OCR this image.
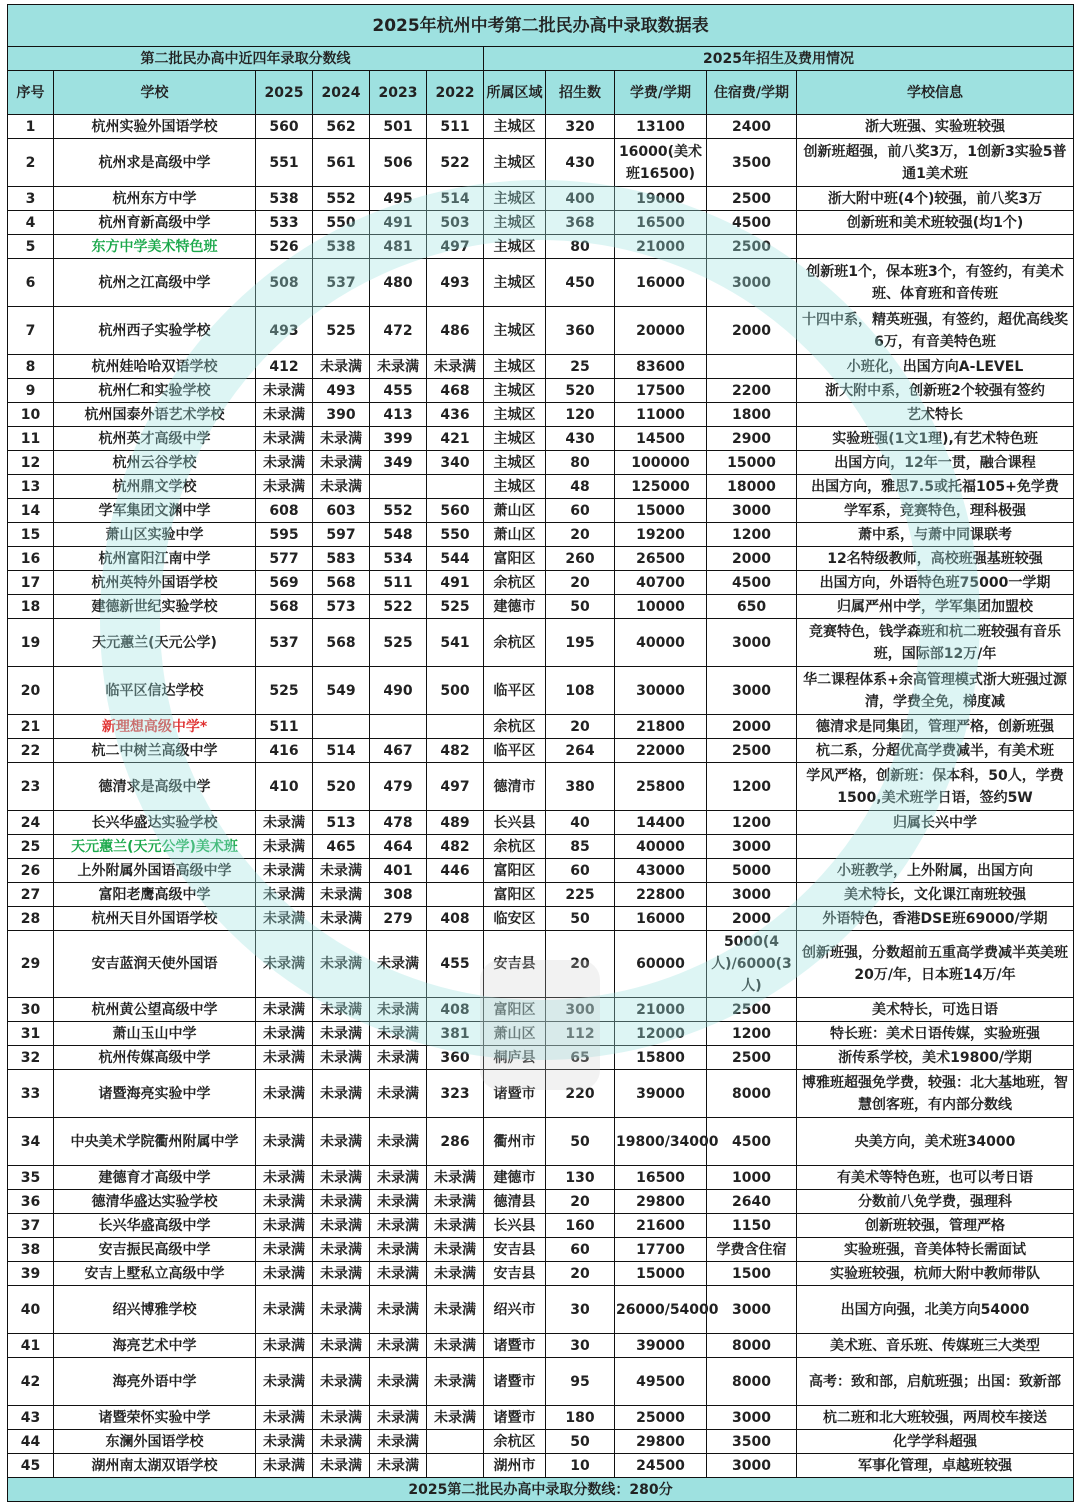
2025年杭州中考第二批民办高中录取数据表										
第二批民办高中近四年录取分数线						2025年招生及费用情况				
序号	学校	2025	2024	2023	2022	所属区域	招生数	学费/学期	住宿费/学期	学校信息
1	杭州实验外国语学校	560	562	501	511	主城区	320	13100	2400	浙大班强、实验班较强
2	杭州求是高级中学	551	561	506	522	主城区	430	16000(美术班16500)	3500	创新班超强，前八奖3万，1创新3实验5普通1美术班
3	杭州东方中学	538	552	495	514	主城区	400	19000	2500	浙大附中班(4个)较强，前八奖3万
4	杭州育新高级中学	533	550	491	503	主城区	368	16500	4500	创新班和美术班较强(均1个)
5	东方中学美术特色班	526	538	481	497	主城区	80	21000	2500	
6	杭州之江高级中学	508	537	480	493	主城区	450	16000	3000	创新班1个，保本班3个，有签约，有美术班、体育班和音传班
7	杭州西子实验学校	493	525	472	486	主城区	360	20000	2000	十四中系，精英班强，有签约，超优高线奖6万，有音美特色班
8	杭州娃哈哈双语学校	412	未录满	未录满	未录满	主城区	25	83600		小班化，出国方向A-LEVEL
9	杭州仁和实验学校	未录满	493	455	468	主城区	520	17500	2200	浙大附中系，创新班2个较强有签约
10	杭州国泰外语艺术学校	未录满	390	413	436	主城区	120	11000	1800	艺术特长
11	杭州英才高级中学	未录满	未录满	399	421	主城区	430	14500	2900	实验班强(1文1理),有艺术特色班
12	杭州云谷学校	未录满	未录满	349	340	主城区	80	100000	15000	出国方向，12年一贯，融合课程
13	杭州鼎文学校	未录满	未录满			主城区	48	125000	18000	出国方向，雅思7.5或托福105+免学费
14	学军集团文渊中学	608	603	552	560	萧山区	60	15000	3000	学军系，竞赛特色，理科极强
15	萧山区实验中学	595	597	548	550	萧山区	20	19200	1200	萧中系，与萧中同课联考
16	杭州富阳江南中学	577	583	534	544	富阳区	260	26500	2000	12名特级教师，高校班强基班较强
17	杭州英特外国语学校	569	568	511	491	余杭区	20	40700	4500	出国方向，外语特色班75000一学期
18	建德新世纪实验学校	568	573	522	525	建德市	50	10000	650	归属严州中学，学军集团加盟校
19	天元蕙兰(天元公学)	537	568	525	541	余杭区	195	40000	3000	竞赛特色，钱学森班和杭二班较强有音乐班，国际部12万/年
20	临平区信达学校	525	549	490	500	临平区	108	30000	3000	华二课程体系+余高管理模式浙大班强过源清，学费全免，梯度减
21	新理想高级中学*	511				余杭区	20	21800	2000	德清求是同集团，管理严格，创新班强
22	杭二中树兰高级中学	416	514	467	482	临平区	264	22000	2500	杭二系，分超优高学费减半，有美术班
23	德清求是高级中学	410	520	479	497	德清市	380	25800	1200	学风严格，创新班：保本科，50人，学费1500,美术班学日语，签约5W
24	长兴华盛达实验学校	未录满	513	478	489	长兴县	40	14400	1200	归属长兴中学
25	天元蕙兰(天元公学)美术班	未录满	465	464	482	余杭区	85	40000	3000	
26	上外附属外国语高级中学	未录满	未录满	401	446	富阳区	60	43000	5000	小班教学，上外附属，出国方向
27	富阳老鹰高级中学	未录满	未录满	308		富阳区	225	22800	3000	美术特长，文化课江南班较强
28	杭州天目外国语学校	未录满	未录满	279	408	临安区	50	16000	2000	外语特色，香港DSE班69000/学期
29	安吉蓝润天使外国语	未录满	未录满	未录满	455	安吉县	20	60000	5000(4人)/6000(3人)	创新班强，分数超前五重高学费减半英美班20万/年，日本班14万/年
30	杭州黄公望高级中学	未录满	未录满	未录满	408	富阳区	300	21000	2500	美术特长，可选日语
31	萧山玉山中学	未录满	未录满	未录满	381	萧山区	112	12000	1200	特长班：美术日语传媒，实验班强
32	杭州传媒高级中学	未录满	未录满	未录满	360	桐庐县	65	15800	2500	浙传系学校，美术19800/学期
33	诸暨海亮实验中学	未录满	未录满	未录满	323	诸暨市	220	39000	8000	博雅班超强免学费，较强：北大基地班，智慧创客班，有内部分数线
34	中央美术学院衢州附属中学	未录满	未录满	未录满	286	衢州市	50	19800/34000	4500	央美方向，美术班34000
35	建德育才高级中学	未录满	未录满	未录满	未录满	建德市	130	16500	1000	有美术等特色班，也可以考日语
36	德清华盛达实验学校	未录满	未录满	未录满	未录满	德清县	20	29800	2640	分数前八免学费，强理科
37	长兴华盛高级中学	未录满	未录满	未录满	未录满	长兴县	160	21600	1150	创新班较强，管理严格
38	安吉振民高级中学	未录满	未录满	未录满	未录满	安吉县	60	17700	学费含住宿	实验班强，音美体特长需面试
39	安吉上墅私立高级中学	未录满	未录满	未录满	未录满	安吉县	20	15000	1500	实验班较强，杭师大附中教师带队
40	绍兴博雅学校	未录满	未录满	未录满	未录满	绍兴市	30	26000/54000	3000	出国方向强，北美方向54000
41	海亮艺术中学	未录满	未录满	未录满	未录满	诸暨市	30	39000	8000	美术班、音乐班、传媒班三大类型
42	海亮外语中学	未录满	未录满	未录满	未录满	诸暨市	95	49500	8000	高考：致和部，启航班强；出国：致新部
43	诸暨荣怀实验中学	未录满	未录满	未录满	未录满	诸暨市	180	25000	3000	杭二班和北大班较强，两周校车接送
44	东澜外国语学校	未录满	未录满	未录满		余杭区	50	29800	3500	化学学科超强
45	湖州南太湖双语学校	未录满	未录满	未录满		湖州市	10	24500	3000	军事化管理，卓越班较强
2025第二批民办高中录取分数线：280分										
